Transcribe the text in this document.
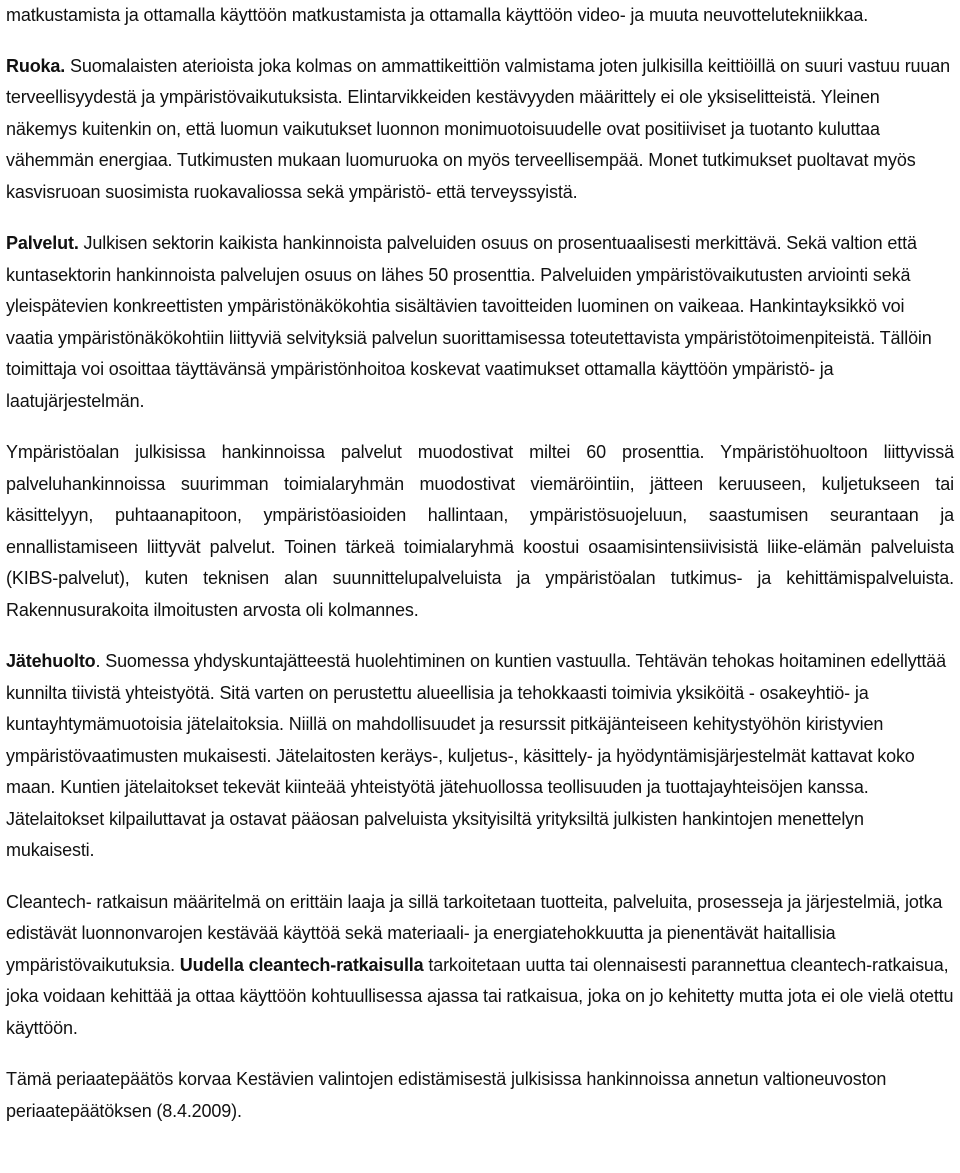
matkustamista ja ottamalla käyttöön matkustamista ja ottamalla käyttöön video- ja muuta neuvottelutekniikkaa.

Ruoka. Suomalaisten aterioista joka kolmas on ammattikeittiön valmistama joten julkisilla keittiöillä on suuri vastuu ruuan terveellisyydestä ja ympäristövaikutuksista. Elintarvikkeiden kestävyyden määrittely ei ole yksiselitteistä. Yleinen näkemys kuitenkin on, että luomun vaikutukset luonnon monimuotoisuudelle ovat positiiviset ja tuotanto kuluttaa vähemmän energiaa. Tutkimusten mukaan luomuruoka on myös terveellisempää. Monet tutkimukset puoltavat myös kasvisruoan suosimista ruokavaliossa sekä ympäristö- että terveyssyistä.

Palvelut. Julkisen sektorin kaikista hankinnoista palveluiden osuus on prosentuaalisesti merkittävä. Sekä valtion että kuntasektorin hankinnoista palvelujen osuus on lähes 50 prosenttia. Palveluiden ympäristövaikutusten arviointi sekä yleispätevien konkreettisten ympäristönäkökohtia sisältävien tavoitteiden luominen on vaikeaa. Hankintayksikkö voi vaatia ympäristönäkökohtiin liittyviä selvityksiä palvelun suorittamisessa toteutettavista ympäristötoimenpiteistä. Tällöin toimittaja voi osoittaa täyttävänsä ympäristönhoitoa koskevat vaatimukset ottamalla käyttöön ympäristö- ja laatujärjestelmän.

Ympäristöalan julkisissa hankinnoissa palvelut muodostivat miltei 60 prosenttia. Ympäristöhuoltoon liittyvissä palveluhankinnoissa suurimman toimialaryhmän muodostivat viemäröintiin, jätteen keruuseen, kuljetukseen tai käsittelyyn, puhtaanapitoon, ympäristöasioiden hallintaan, ympäristösuojeluun, saastumisen seurantaan ja ennallistamiseen liittyvät palvelut. Toinen tärkeä toimialaryhmä koostui osaamisintensiivisistä liike-elämän palveluista (KIBS-palvelut), kuten teknisen alan suunnittelupalveluista ja ympäristöalan tutkimus- ja kehittämispalveluista. Rakennusurakoita ilmoitusten arvosta oli kolmannes.

Jätehuolto. Suomessa yhdyskuntajätteestä huolehtiminen on kuntien vastuulla. Tehtävän tehokas hoitaminen edellyttää kunnilta tiivistä yhteistyötä. Sitä varten on perustettu alueellisia ja tehokkaasti toimivia yksiköitä - osakeyhtiö- ja kuntayhtymämuotoisia jätelaitoksia. Niillä on mahdollisuudet ja resurssit pitkäjänteiseen kehitystyöhön kiristyvien ympäristövaatimusten mukaisesti. Jätelaitosten keräys-, kuljetus-, käsittely- ja hyödyntämisjärjestelmät kattavat koko maan. Kuntien jätelaitokset tekevät kiinteää yhteistyötä jätehuollossa teollisuuden ja tuottajayhteisöjen kanssa. Jätelaitokset kilpailuttavat ja ostavat pääosan palveluista yksityisiltä yrityksiltä julkisten hankintojen menettelyn mukaisesti.

Cleantech- ratkaisun määritelmä on erittäin laaja ja sillä tarkoitetaan tuotteita, palveluita, prosesseja ja järjestelmiä, jotka edistävät luonnonvarojen kestävää käyttöä sekä materiaali- ja energiatehokkuutta ja pienentävät haitallisia ympäristövaikutuksia. Uudella cleantech-ratkaisulla tarkoitetaan uutta tai olennaisesti parannettua cleantech-ratkaisua, joka voidaan kehittää ja ottaa käyttöön kohtuullisessa ajassa tai ratkaisua, joka on jo kehitetty mutta jota ei ole vielä otettu käyttöön.

Tämä periaatepäätös korvaa Kestävien valintojen edistämisestä julkisissa hankinnoissa annetun valtioneuvoston periaatepäätöksen (8.4.2009).
